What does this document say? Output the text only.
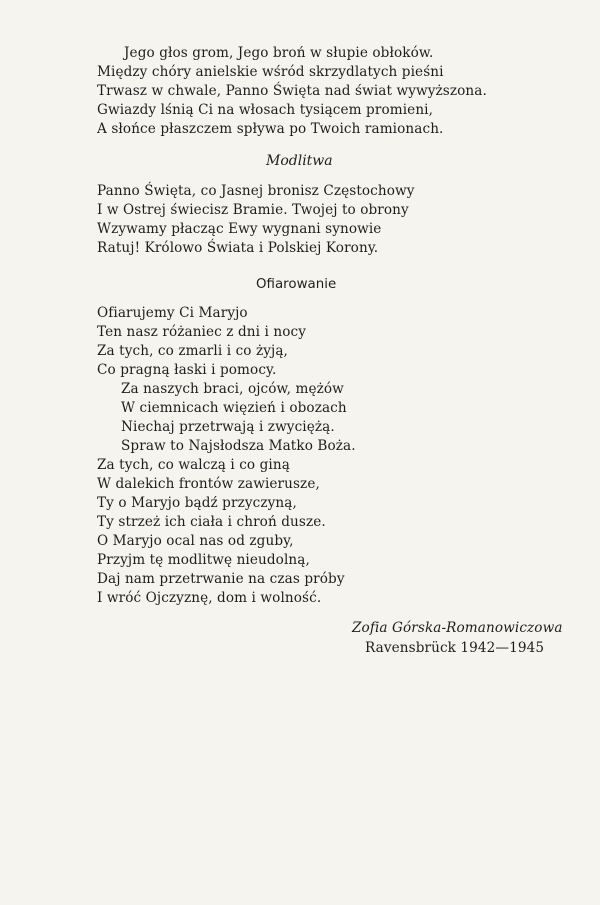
Jego głos grom, Jego broń w słupie obłoków.
Między chóry anielskie wśród skrzydlatych pieśni
Trwasz w chwale, Panno Święta nad świat wywyższona.
Gwiazdy lśnią Ci na włosach tysiącem promieni,
A słońce płaszczem spływa po Twoich ramionach.
Modlitwa
Panno Święta, co Jasnej bronisz Częstochowy
I w Ostrej świecisz Bramie. Twojej to obrony
Wzywamy płacząc Ewy wygnani synowie
Ratuj! Królowo Świata i Polskiej Korony.
Ofiarowanie
Ofiarujemy Ci Maryjo
Ten nasz różaniec z dni i nocy
Za tych, co zmarli i co żyją,
Co pragną łaski i pomocy.
Za naszych braci, ojców, mężów
W ciemnicach więzień i obozach
Niechaj przetrwają i zwyciężą.
Spraw to Najsłodsza Matko Boża.
Za tych, co walczą i co giną
W dalekich frontów zawierusze,
Ty o Maryjo bądź przyczyną,
Ty strzeż ich ciała i chroń dusze.
O Maryjo ocal nas od zguby,
Przyjm tę modlitwę nieudolną,
Daj nam przetrwanie na czas próby
I wróć Ojczyznę, dom i wolność.
Zofia Górska-Romanowiczowa
Ravensbrück 1942—1945
